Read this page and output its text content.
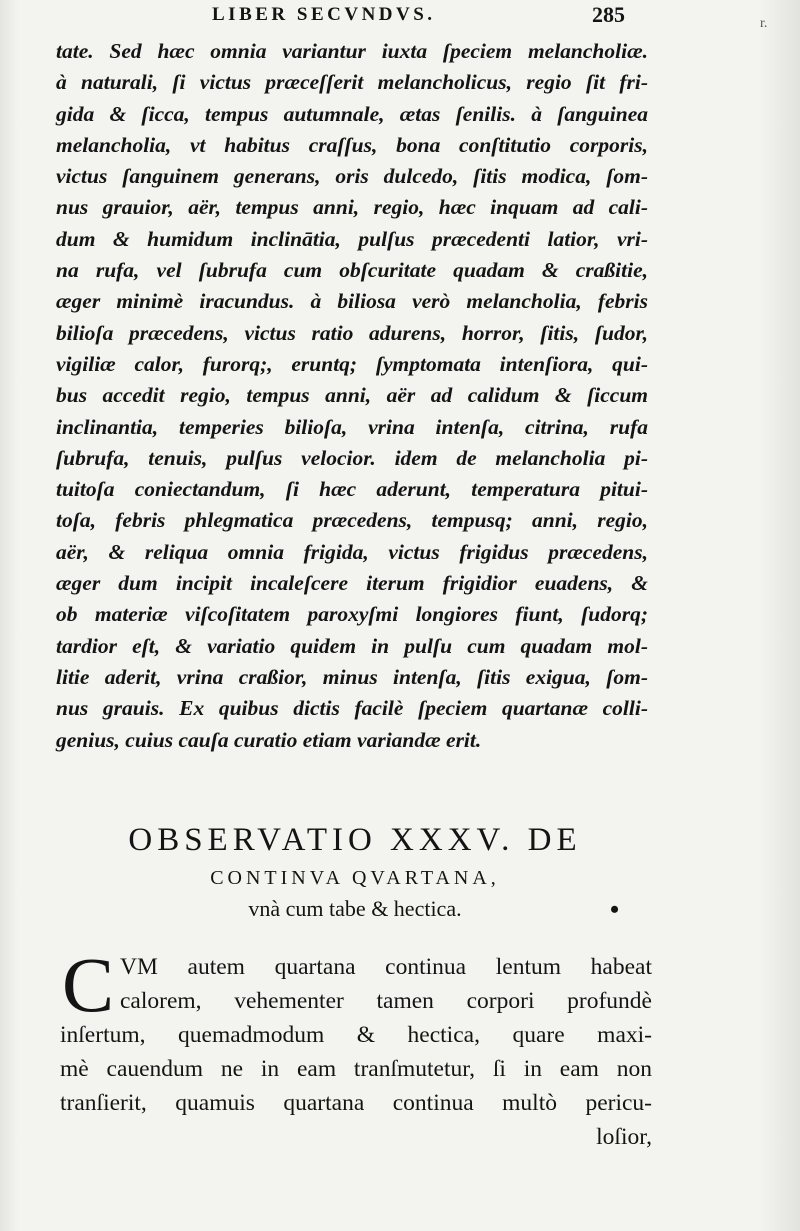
LIBER SECVNDVS.	285	r.
tate. Sed hæc omnia variantur iuxta ſpeciem melancholiæ.
à naturali, ſi victus præceſſerit melancholicus, regio ſit fri-
gida & ſicca, tempus autumnale, ætas ſenilis. à ſanguinea
melancholia, vt habitus craſſus, bona conſtitutio corporis,
victus ſanguinem generans, oris dulcedo, ſitis modica, ſom-
nus grauior, aër, tempus anni, regio, hæc inquam ad cali-
dum & humidum inclinātia, pulſus præcedenti latior, vri-
na rufa, vel ſubrufa cum obſcuritate quadam & craßitie,
æger minimè iracundus. à biliosa verò melancholia, febris
bilioſa præcedens, victus ratio adurens, horror, ſitis, ſudor,
vigiliæ calor, furorq;, eruntq; ſymptomata intenſiora, qui-
bus accedit regio, tempus anni, aër ad calidum & ſiccum
inclinantia, temperies bilioſa, vrina intenſa, citrina, rufa
ſubrufa, tenuis, pulſus velocior. idem de melancholia pi-
tuitoſa coniectandum, ſi hæc aderunt, temperatura pitui-
toſa, febris phlegmatica præcedens, tempusq; anni, regio,
aër, & reliqua omnia frigida, victus frigidus præcedens,
æger dum incipit incaleſcere iterum frigidior euadens, &
ob materiæ viſcoſitatem paroxyſmi longiores fiunt, ſudorq;
tardior eſt, & variatio quidem in pulſu cum quadam mol-
litie aderit, vrina craßior, minus intenſa, ſitis exigua, ſom-
nus grauis. Ex quibus dictis facilè ſpeciem quartanæ colli-
genius, cuius cauſa curatio etiam variandæ erit.
OBSERVATIO XXXV. DE
CONTINVA QVARTANA,
vnà cum tabe & hectica.	•
C VM autem quartana continua lentum habeat
calorem, vehementer tamen corpori profundè
inſertum, quemadmodum & hectica, quare maxi-
mè cauendum ne in eam tranſmutetur, ſi in eam non
tranſierit, quamuis quartana continua multò pericu-
loſior,
